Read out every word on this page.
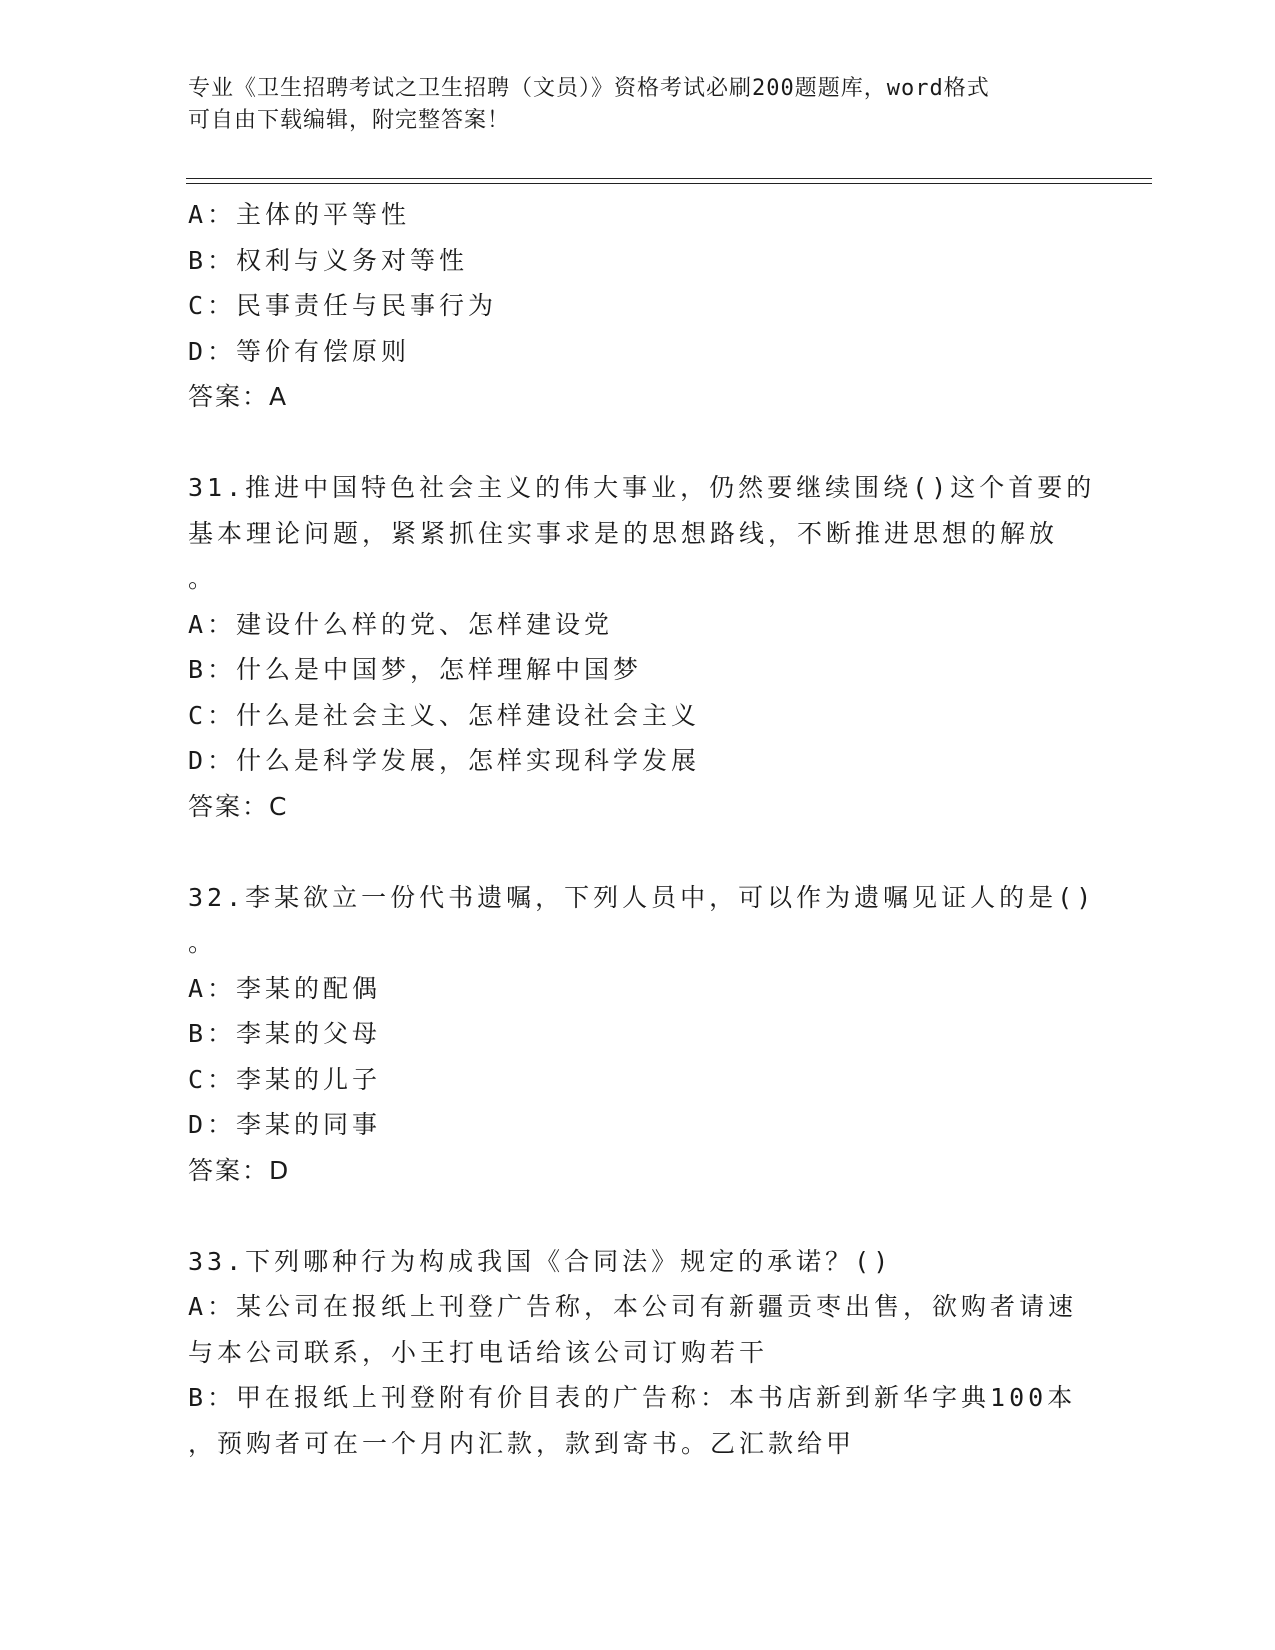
专业《卫生招聘考试之卫生招聘（文员）》资格考试必刷200题题库，word格式
可自由下载编辑，附完整答案！
A：主体的平等性
B：权利与义务对等性
C：民事责任与民事行为
D：等价有偿原则
答案：A
31.推进中国特色社会主义的伟大事业，仍然要继续围绕()这个首要的
基本理论问题，紧紧抓住实事求是的思想路线，不断推进思想的解放
。
A：建设什么样的党、怎样建设党
B：什么是中国梦，怎样理解中国梦
C：什么是社会主义、怎样建设社会主义
D：什么是科学发展，怎样实现科学发展
答案：C
32.李某欲立一份代书遗嘱，下列人员中，可以作为遗嘱见证人的是()
。
A：李某的配偶
B：李某的父母
C：李某的儿子
D：李某的同事
答案：D
33.下列哪种行为构成我国《合同法》规定的承诺？()
A：某公司在报纸上刊登广告称，本公司有新疆贡枣出售，欲购者请速
与本公司联系，小王打电话给该公司订购若干
B：甲在报纸上刊登附有价目表的广告称：本书店新到新华字典100本
，预购者可在一个月内汇款，款到寄书。乙汇款给甲
